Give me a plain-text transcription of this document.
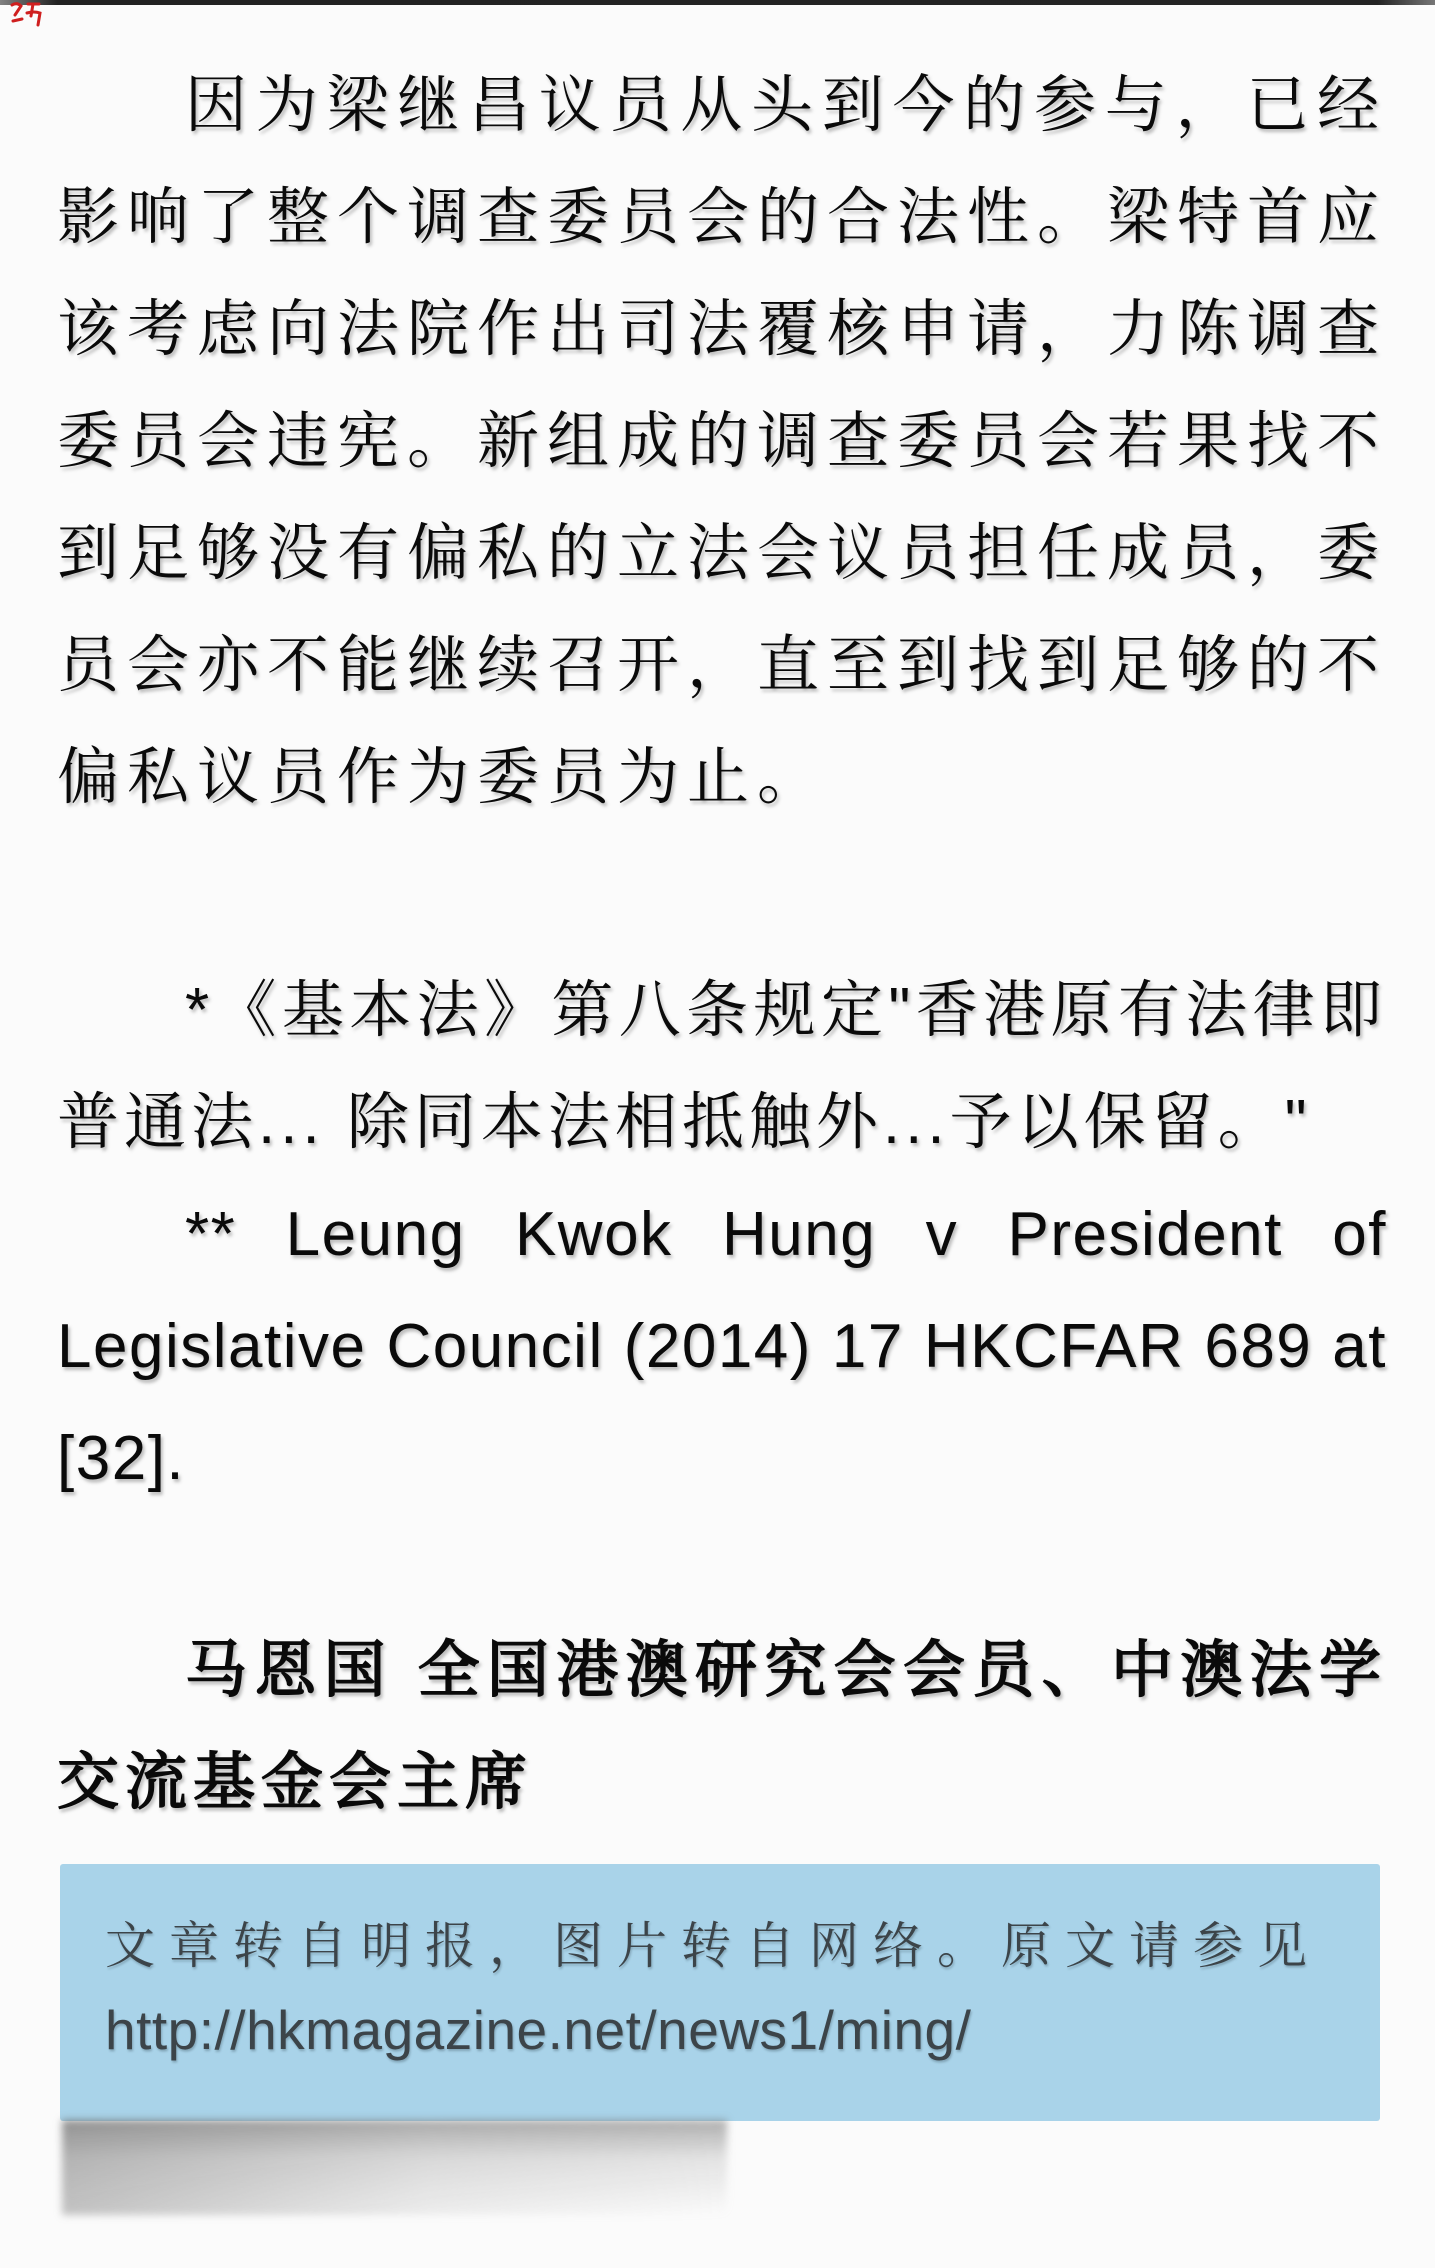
因为梁继昌议员从头到今的参与，已经影响了整个调查委员会的合法性。梁特首应该考虑向法院作出司法覆核申请，力陈调查委员会违宪。新组成的调查委员会若果找不到足够没有偏私的立法会议员担任成员，委员会亦不能继续召开，直至到找到足够的不偏私议员作为委员为止。

*《基本法》第八条规定"香港原有法律即普通法... 除同本法相抵触外...予以保留。"

** Leung Kwok Hung v President of Legislative Council (2014) 17 HKCFAR 689 at [32].

马恩国 全国港澳研究会会员、中澳法学交流基金会主席

文章转自明报，图片转自网络。原文请参见
http://hkmagazine.net/news1/ming/
